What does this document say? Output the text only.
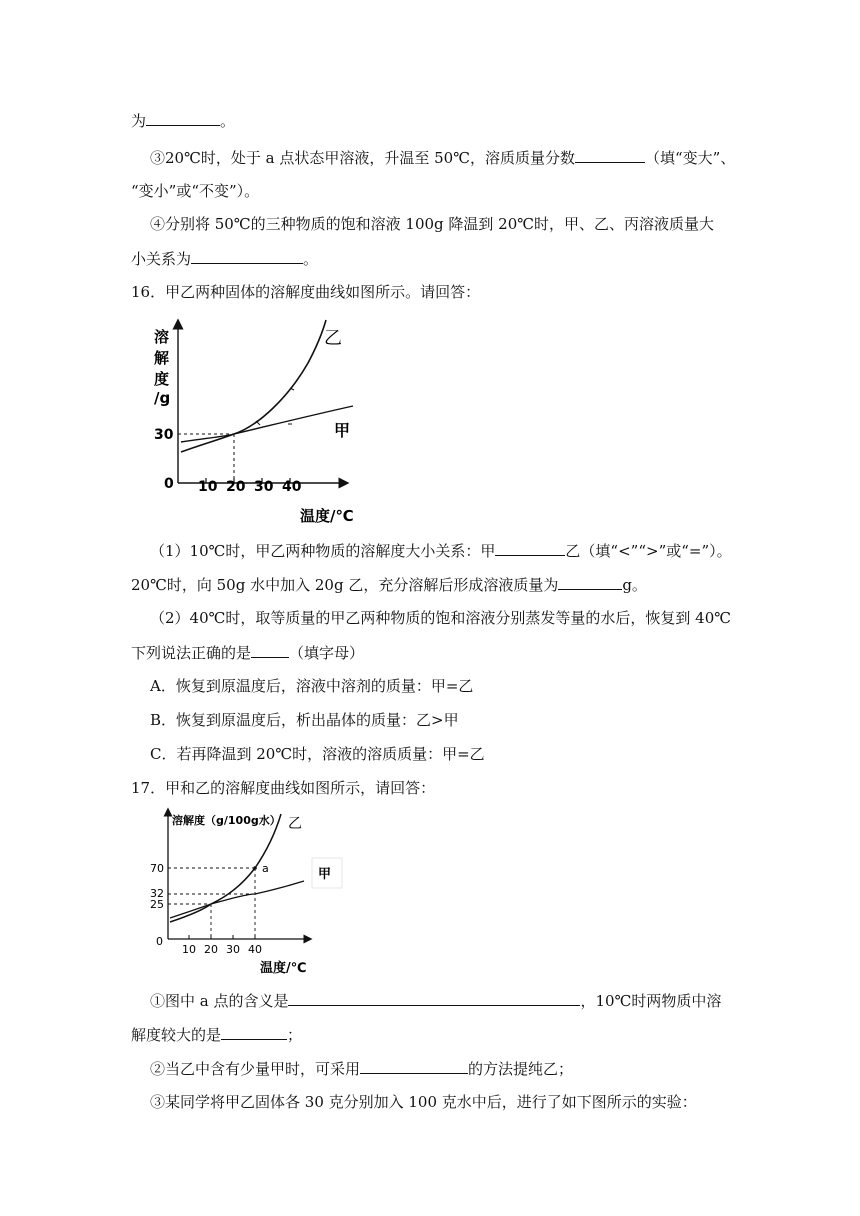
为	。
③20℃时，处于 a 点状态甲溶液，升温至 50℃，溶质质量分数	（填“变大”、
“变小”或“不变”）。
④分别将 50℃的三种物质的饱和溶液 100g 降温到 20℃时，甲、乙、丙溶液质量大
小关系为	。
16．甲乙两种固体的溶解度曲线如图所示。请回答：
溶
解
度
/g
30
0 10 20 30 40
温度/℃
乙
甲
（1）10℃时，甲乙两种物质的溶解度大小关系：甲	乙（填“<”“>”或“=”）。
20℃时，向 50g 水中加入 20g 乙，充分溶解后形成溶液质量为	g。
（2）40℃时，取等质量的甲乙两种物质的饱和溶液分别蒸发等量的水后，恢复到 40℃
下列说法正确的是	（填字母）
A．恢复到原温度后，溶液中溶剂的质量：甲=乙
B．恢复到原温度后，析出晶体的质量：乙>甲
C．若再降温到 20℃时，溶液的溶质质量：甲=乙
17．甲和乙的溶解度曲线如图所示，请回答：
溶解度（g/100g水）
70
32
25
0
10 20 30 40
a
温度/℃
乙
甲
①图中 a 点的含义是	，10℃时两物质中溶
解度较大的是	；
②当乙中含有少量甲时，可采用	的方法提纯乙；
③某同学将甲乙固体各 30 克分别加入 100 克水中后，进行了如下图所示的实验：
